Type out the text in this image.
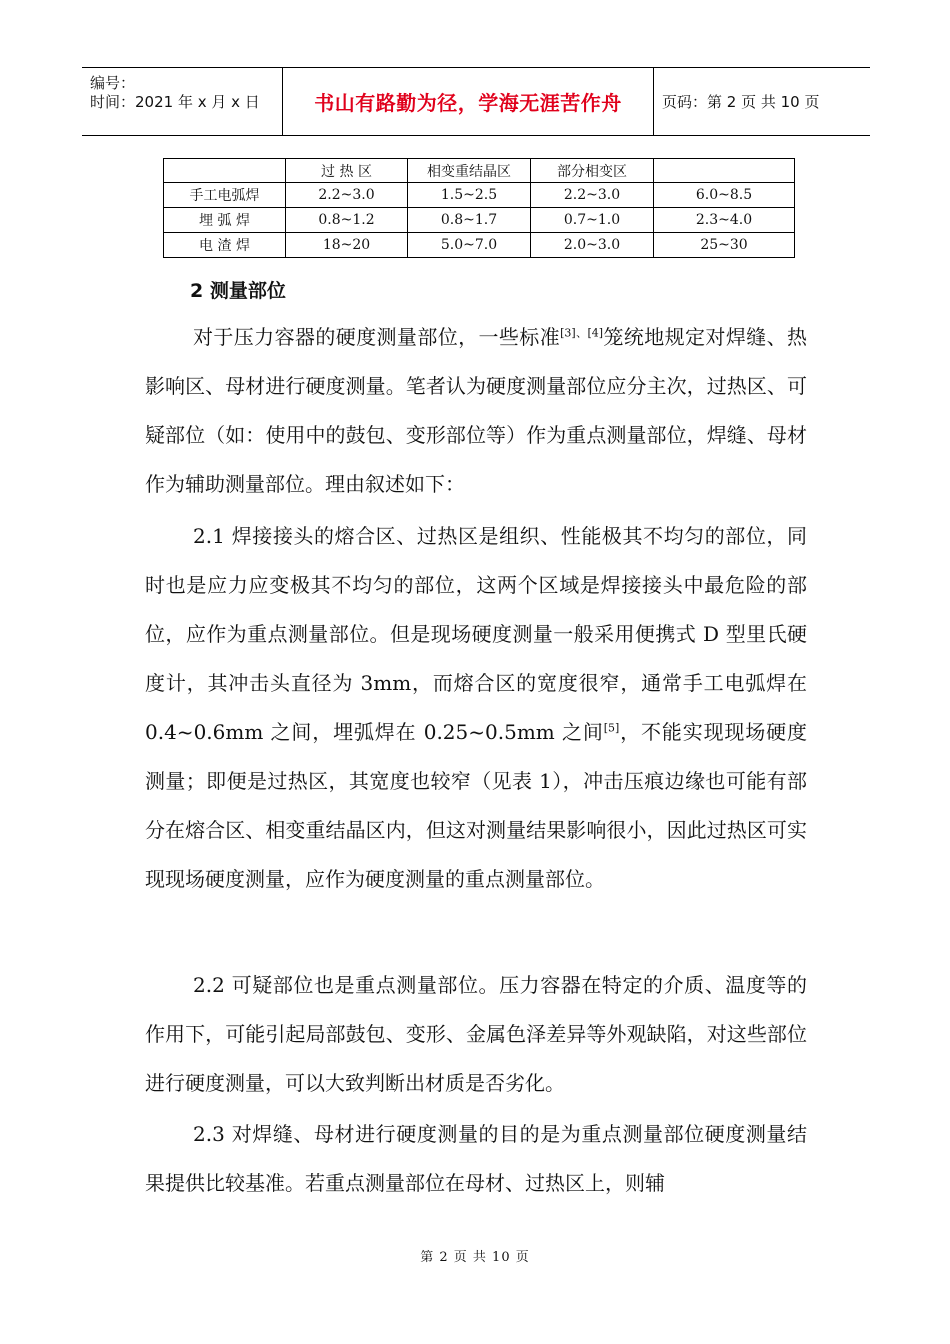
编号：
时间：2021 年 x 月 x 日	书山有路勤为径，学海无涯苦作舟	页码：第 2 页 共 10 页
	过 热 区	相变重结晶区	部分相变区	
手工电弧焊	2.2~3.0	1.5~2.5	2.2~3.0	6.0~8.5
埋 弧 焊	0.8~1.2	0.8~1.7	0.7~1.0	2.3~4.0
电 渣 焊	18~20	5.0~7.0	2.0~3.0	25~30
2 测量部位

对于压力容器的硬度测量部位，一些标准[3]、[4]笼统地规定对焊缝、热影响区、母材进行硬度测量。笔者认为硬度测量部位应分主次，过热区、可疑部位（如：使用中的鼓包、变形部位等）作为重点测量部位，焊缝、母材作为辅助测量部位。理由叙述如下：

2.1 焊接接头的熔合区、过热区是组织、性能极其不均匀的部位，同时也是应力应变极其不均匀的部位，这两个区域是焊接接头中最危险的部位，应作为重点测量部位。但是现场硬度测量一般采用便携式 D 型里氏硬度计，其冲击头直径为 3mm，而熔合区的宽度很窄，通常手工电弧焊在 0.4~0.6mm 之间，埋弧焊在 0.25~0.5mm 之间[5]，不能实现现场硬度测量；即便是过热区，其宽度也较窄（见表 1），冲击压痕边缘也可能有部分在熔合区、相变重结晶区内，但这对测量结果影响很小，因此过热区可实现现场硬度测量，应作为硬度测量的重点测量部位。

2.2 可疑部位也是重点测量部位。压力容器在特定的介质、温度等的作用下，可能引起局部鼓包、变形、金属色泽差异等外观缺陷，对这些部位进行硬度测量，可以大致判断出材质是否劣化。

2.3 对焊缝、母材进行硬度测量的目的是为重点测量部位硬度测量结果提供比较基准。若重点测量部位在母材、过热区上，则辅

第 2 页 共 10 页
